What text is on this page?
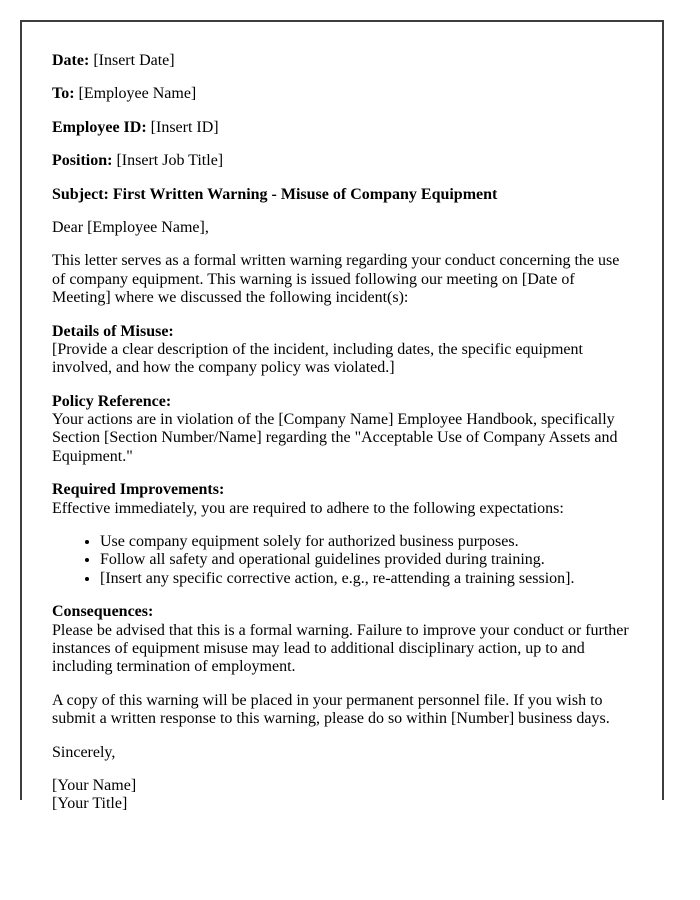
Date: [Insert Date]

To: [Employee Name]

Employee ID: [Insert ID]

Position: [Insert Job Title]

Subject: First Written Warning - Misuse of Company Equipment

Dear [Employee Name],

This letter serves as a formal written warning regarding your conduct concerning the use of company equipment. This warning is issued following our meeting on [Date of Meeting] where we discussed the following incident(s):

Details of Misuse:
[Provide a clear description of the incident, including dates, the specific equipment involved, and how the company policy was violated.]

Policy Reference:
Your actions are in violation of the [Company Name] Employee Handbook, specifically Section [Section Number/Name] regarding the "Acceptable Use of Company Assets and Equipment."

Required Improvements:
Effective immediately, you are required to adhere to the following expectations:

• Use company equipment solely for authorized business purposes.
• Follow all safety and operational guidelines provided during training.
• [Insert any specific corrective action, e.g., re-attending a training session].

Consequences:
Please be advised that this is a formal warning. Failure to improve your conduct or further instances of equipment misuse may lead to additional disciplinary action, up to and including termination of employment.

A copy of this warning will be placed in your permanent personnel file. If you wish to submit a written response to this warning, please do so within [Number] business days.

Sincerely,

[Your Name]
[Your Title]
